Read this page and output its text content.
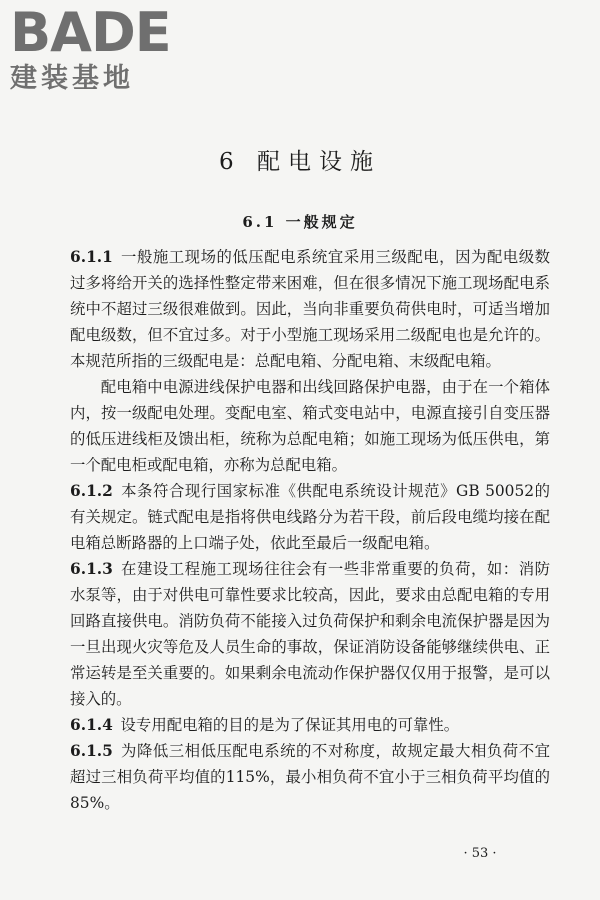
BADE
建装基地
6 配电设施
6.1 一般规定

6.1.1 一般施工现场的低压配电系统宜采用三级配电，因为配电级数过多将给开关的选择性整定带来困难，但在很多情况下施工现场配电系统中不超过三级很难做到。因此，当向非重要负荷供电时，可适当增加配电级数，但不宜过多。对于小型施工现场采用二级配电也是允许的。本规范所指的三级配电是：总配电箱、分配电箱、末级配电箱。

配电箱中电源进线保护电器和出线回路保护电器，由于在一个箱体内，按一级配电处理。变配电室、箱式变电站中，电源直接引自变压器的低压进线柜及馈出柜，统称为总配电箱；如施工现场为低压供电，第一个配电柜或配电箱，亦称为总配电箱。

6.1.2 本条符合现行国家标准《供配电系统设计规范》GB 50052的有关规定。链式配电是指将供电线路分为若干段，前后段电缆均接在配电箱总断路器的上口端子处，依此至最后一级配电箱。

6.1.3 在建设工程施工现场往往会有一些非常重要的负荷，如：消防水泵等，由于对供电可靠性要求比较高，因此，要求由总配电箱的专用回路直接供电。消防负荷不能接入过负荷保护和剩余电流保护器是因为一旦出现火灾等危及人员生命的事故，保证消防设备能够继续供电、正常运转是至关重要的。如果剩余电流动作保护器仅仅用于报警，是可以接入的。

6.1.4 设专用配电箱的目的是为了保证其用电的可靠性。

6.1.5 为降低三相低压配电系统的不对称度，故规定最大相负荷不宜超过三相负荷平均值的115%，最小相负荷不宜小于三相负荷平均值的85%。

· 53 ·
